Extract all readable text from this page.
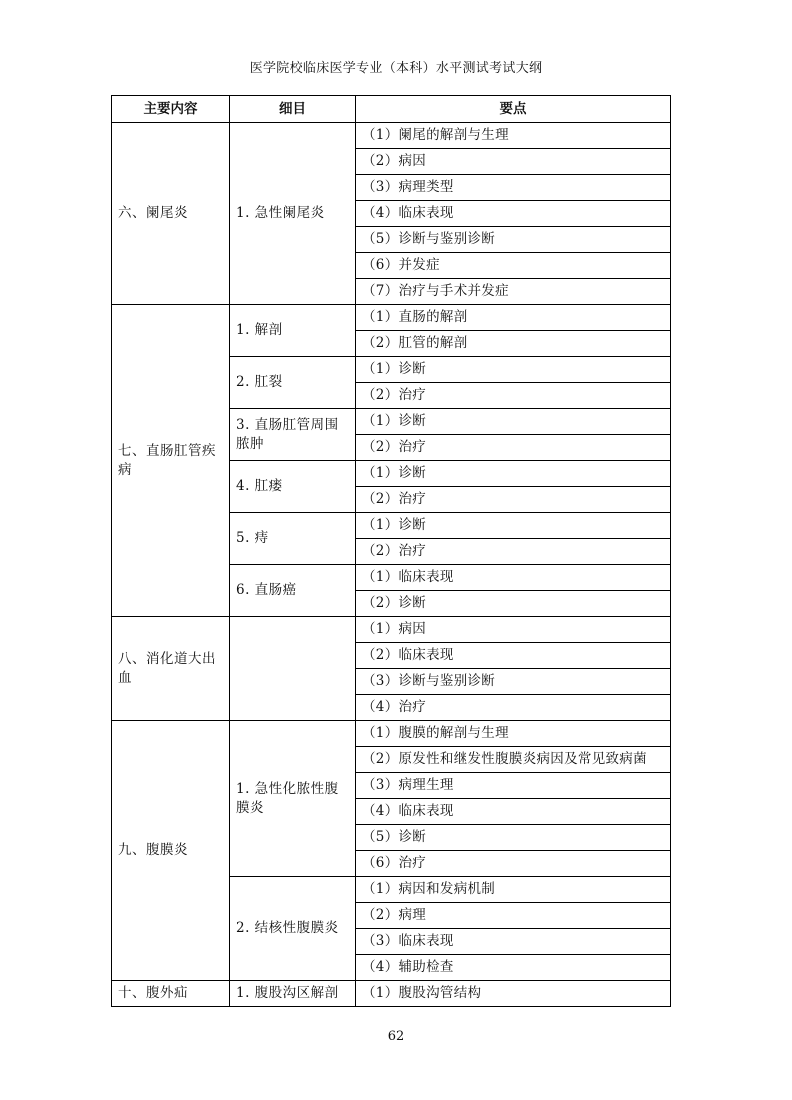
医学院校临床医学专业（本科）水平测试考试大纲
主要内容	细目	要点
六、阑尾炎	1. 急性阑尾炎	（1）阑尾的解剖与生理
		（2）病因
		（3）病理类型
		（4）临床表现
		（5）诊断与鉴别诊断
		（6）并发症
		（7）治疗与手术并发症
七、直肠肛管疾病	1. 解剖	（1）直肠的解剖
		（2）肛管的解剖
	2. 肛裂	（1）诊断
		（2）治疗
	3. 直肠肛管周围脓肿	（1）诊断
		（2）治疗
	4. 肛瘘	（1）诊断
		（2）治疗
	5. 痔	（1）诊断
		（2）治疗
	6. 直肠癌	（1）临床表现
		（2）诊断
八、消化道大出血		（1）病因
		（2）临床表现
		（3）诊断与鉴别诊断
		（4）治疗
九、腹膜炎	1. 急性化脓性腹膜炎	（1）腹膜的解剖与生理
		（2）原发性和继发性腹膜炎病因及常见致病菌
		（3）病理生理
		（4）临床表现
		（5）诊断
		（6）治疗
	2. 结核性腹膜炎	（1）病因和发病机制
		（2）病理
		（3）临床表现
		（4）辅助检查
十、腹外疝	1. 腹股沟区解剖	（1）腹股沟管结构
62
